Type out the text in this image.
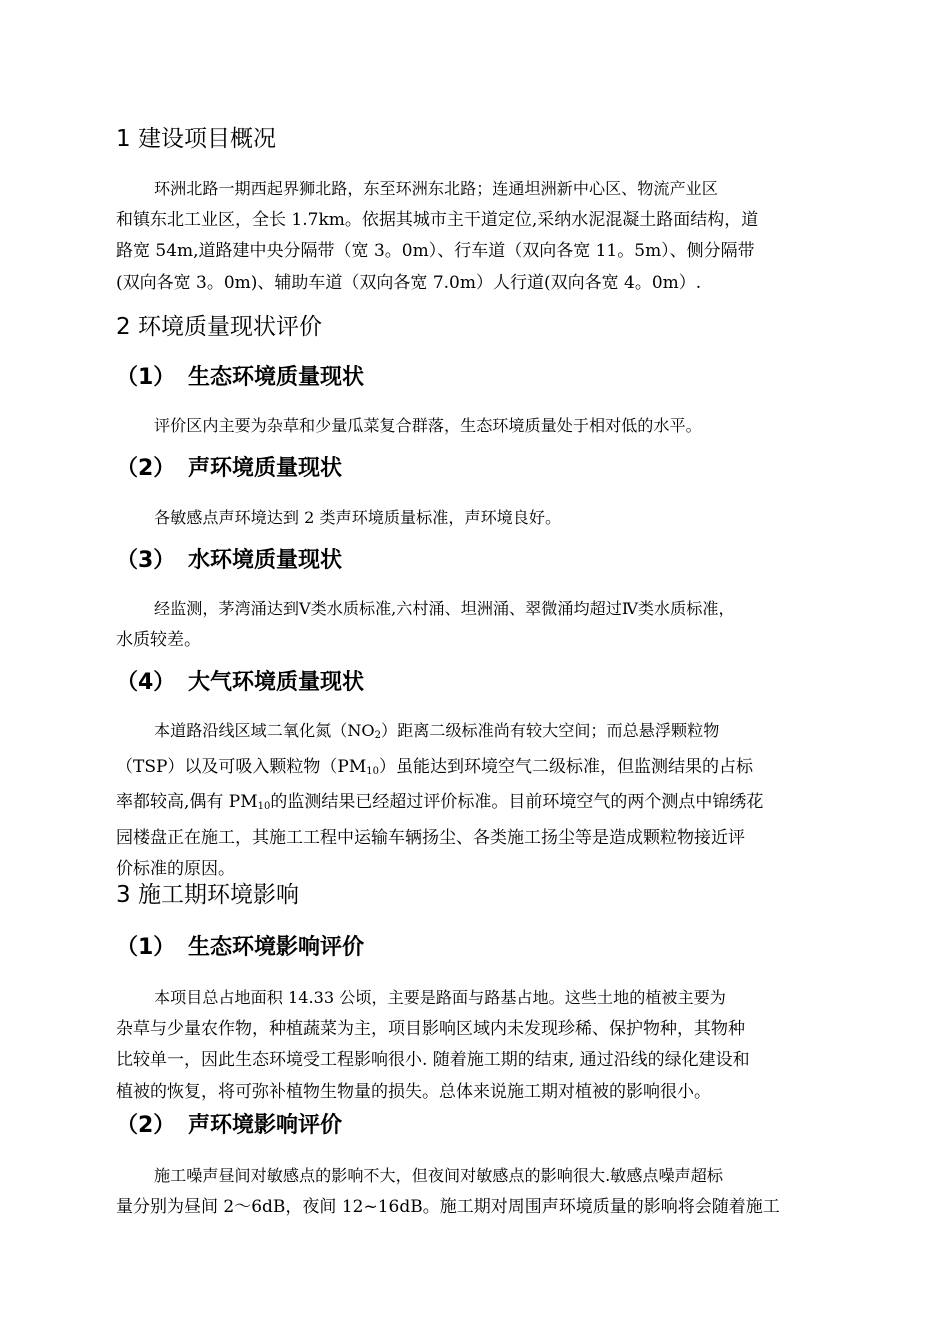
1 建设项目概况
环洲北路一期西起界狮北路，东至环洲东北路；连通坦洲新中心区、物流产业区
和镇东北工业区，全长 1.7km。依据其城市主干道定位,采纳水泥混凝土路面结构，道
路宽 54m,道路建中央分隔带（宽 3。0m）、行车道（双向各宽 11。5m）、侧分隔带
(双向各宽 3。0m)、辅助车道（双向各宽 7.0m）人行道(双向各宽 4。0m）.
2 环境质量现状评价
（1） 生态环境质量现状
评价区内主要为杂草和少量瓜菜复合群落，生态环境质量处于相对低的水平。
（2） 声环境质量现状
各敏感点声环境达到 2 类声环境质量标准，声环境良好。
（3） 水环境质量现状
经监测，茅湾涌达到Ⅴ类水质标准,六村涌、坦洲涌、翠微涌均超过Ⅳ类水质标准，
水质较差。
（4） 大气环境质量现状
本道路沿线区域二氧化氮$(NO_2)$距离二级标准尚有较大空间；而总悬浮颗粒物
（TSP）以及可吸入颗粒物$(PM_{10})$虽能达到环境空气二级标准，但监测结果的占标
率都较高,偶有 $PM_{10}$的监测结果已经超过评价标准。目前环境空气的两个测点中锦绣花
园楼盘正在施工，其施工工程中运输车辆扬尘、各类施工扬尘等是造成颗粒物接近评
价标准的原因。
3 施工期环境影响
（1） 生态环境影响评价
本项目总占地面积 14.33 公顷，主要是路面与路基占地。这些土地的植被主要为
杂草与少量农作物，种植蔬菜为主，项目影响区域内未发现珍稀、保护物种，其物种
比较单一，因此生态环境受工程影响很小. 随着施工期的结束, 通过沿线的绿化建设和
植被的恢复，将可弥补植物生物量的损失。总体来说施工期对植被的影响很小。
（2） 声环境影响评价
施工噪声昼间对敏感点的影响不大，但夜间对敏感点的影响很大.敏感点噪声超标
量分别为昼间 2～6dB，夜间 12~16dB。施工期对周围声环境质量的影响将会随着施工
